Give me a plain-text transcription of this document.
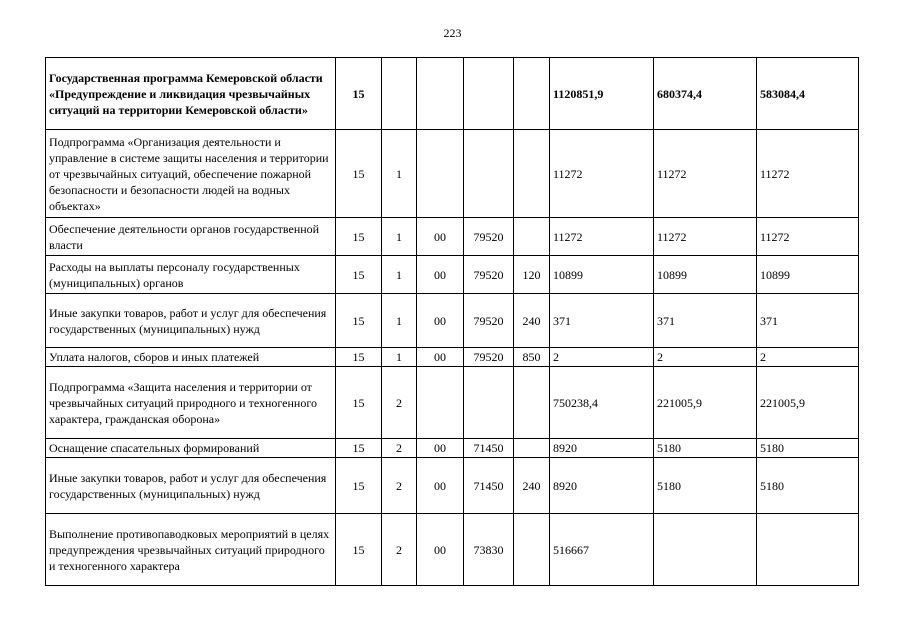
223
Государственная программа Кемеровской области «Предупреждение и ликвидация чрезвычайных ситуаций на территории Кемеровской области»	15					1120851,9	680374,4	583084,4
Подпрограмма «Организация деятельности и управление в системе защиты населения и территории от чрезвычайных ситуаций, обеспечение пожарной безопасности и безопасности людей на водных объектах»	15	1				11272	11272	11272
Обеспечение деятельности органов государственной власти	15	1	00	79520		11272	11272	11272
Расходы на выплаты персоналу государственных (муниципальных) органов	15	1	00	79520	120	10899	10899	10899
Иные закупки товаров, работ и услуг для обеспечения государственных (муниципальных) нужд	15	1	00	79520	240	371	371	371
Уплата налогов, сборов и иных платежей	15	1	00	79520	850	2	2	2
Подпрограмма «Защита населения и территории от чрезвычайных ситуаций природного и техногенного характера, гражданская оборона»	15	2				750238,4	221005,9	221005,9
Оснащение спасательных формирований	15	2	00	71450		8920	5180	5180
Иные закупки товаров, работ и услуг для обеспечения государственных (муниципальных) нужд	15	2	00	71450	240	8920	5180	5180
Выполнение противопаводковых мероприятий в целях предупреждения чрезвычайных ситуаций природного и техногенного характера	15	2	00	73830		516667		
